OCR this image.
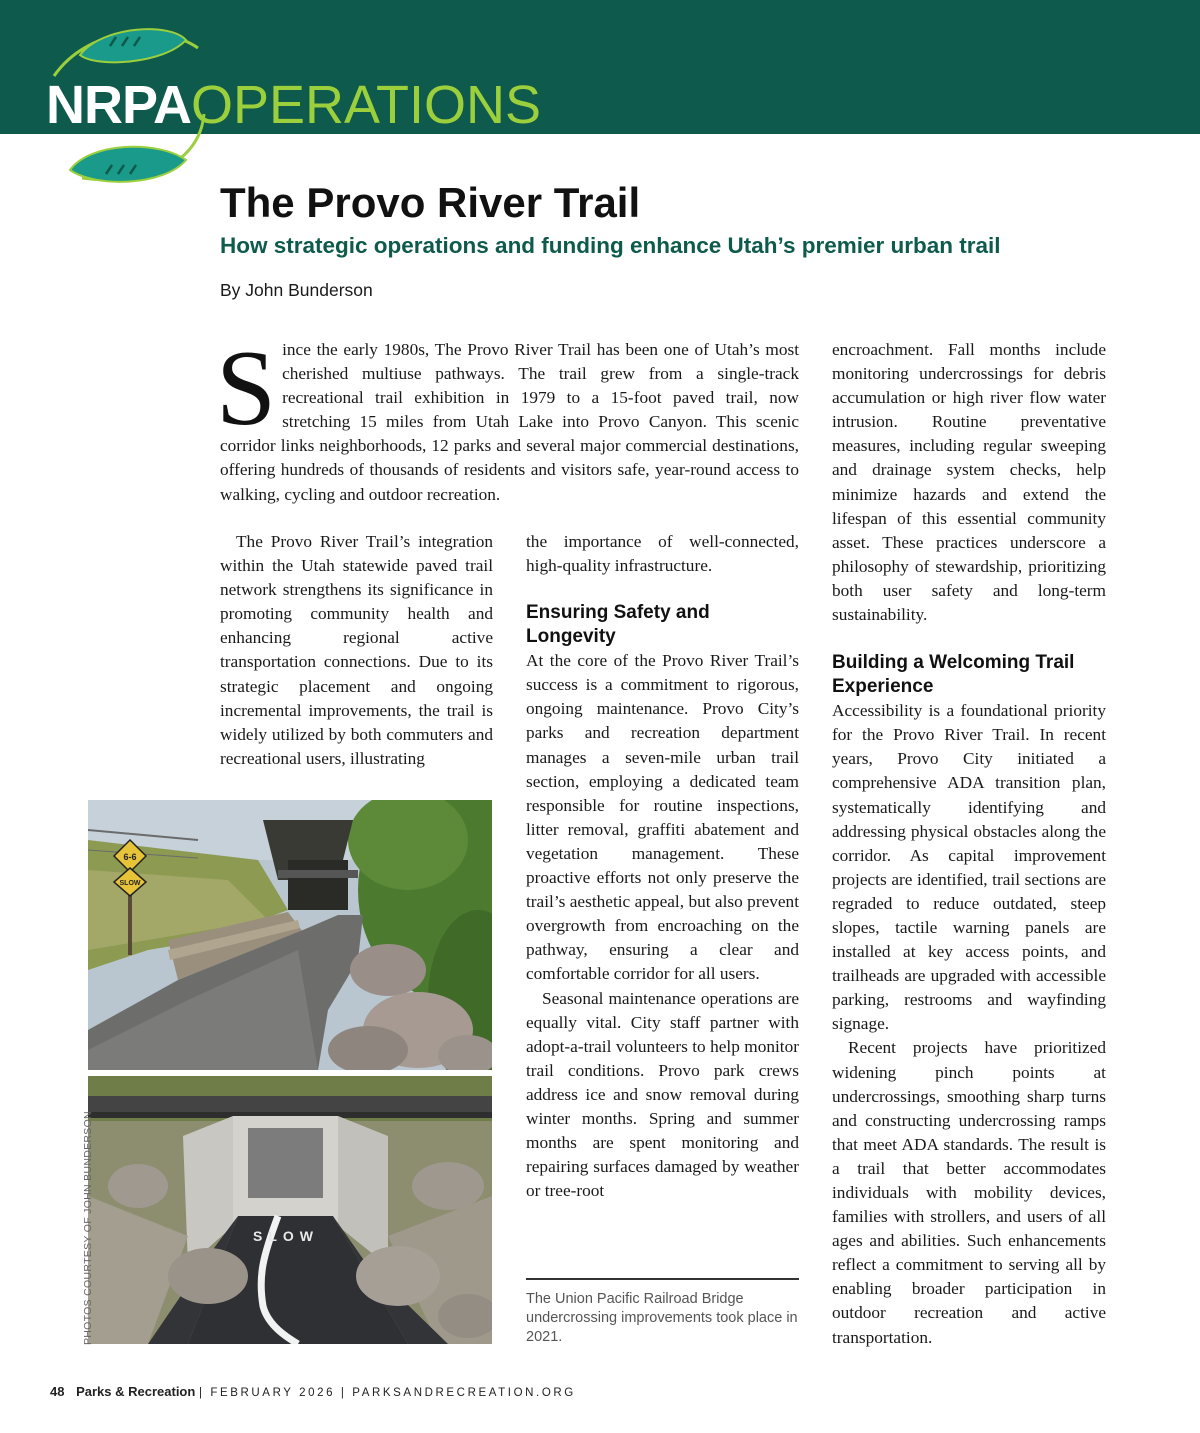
NRPAOPERATIONS
The Provo River Trail
How strategic operations and funding enhance Utah’s premier urban trail
By John Bunderson
S ince the early 1980s, The Provo River Trail has been one of Utah’s most cherished multiuse pathways. The trail grew from a single-track recreational trail exhibition in 1979 to a 15-foot paved trail, now stretching 15 miles from Utah Lake into Provo Canyon. This scenic corridor links neighborhoods, 12 parks and several major commercial destinations, offering hundreds of thousands of residents and visitors safe, year-round access to walking, cycling and outdoor recreation.

The Provo River Trail’s integration within the Utah statewide paved trail network strengthens its significance in promoting community health and enhancing regional active transportation connections. Due to its strategic placement and ongoing incremental improvements, the trail is widely utilized by both commuters and recreational users, illustrating

the importance of well-connected, high-quality infrastructure.

Ensuring Safety and Longevity

At the core of the Provo River Trail’s success is a commitment to rigorous, ongoing maintenance. Provo City’s parks and recreation department manages a seven-mile urban trail section, employing a dedicated team responsible for routine inspections, litter removal, graffiti abatement and vegetation management. These proactive efforts not only preserve the trail’s aesthetic appeal, but also prevent overgrowth from encroaching on the pathway, ensuring a clear and comfortable corridor for all users.

Seasonal maintenance operations are equally vital. City staff partner with adopt-a-trail volunteers to help monitor trail conditions. Provo park crews address ice and snow removal during winter months. Spring and summer months are spent monitoring and repairing surfaces damaged by weather or tree-root

encroachment. Fall months include monitoring undercrossings for debris accumulation or high river flow water intrusion. Routine preventative measures, including regular sweeping and drainage system checks, help minimize hazards and extend the lifespan of this essential community asset. These practices underscore a philosophy of stewardship, prioritizing both user safety and long-term sustainability.

Building a Welcoming Trail Experience

Accessibility is a foundational priority for the Provo River Trail. In recent years, Provo City initiated a comprehensive ADA transition plan, systematically identifying and addressing physical obstacles along the corridor. As capital improvement projects are identified, trail sections are regraded to reduce outdated, steep slopes, tactile warning panels are installed at key access points, and trailheads are upgraded with accessible parking, restrooms and wayfinding signage.

Recent projects have prioritized widening pinch points at undercrossings, smoothing sharp turns and constructing undercrossing ramps that meet ADA standards. The result is a trail that better accommodates individuals with mobility devices, families with strollers, and users of all ages and abilities. Such enhancements reflect a commitment to serving all by enabling broader participation in outdoor recreation and active transportation.

6-6
SLOW
SLOW
PHOTOS COURTESY OF JOHN BUNDERSON	The Union Pacific Railroad Bridge undercrossing improvements took place in 2021.

48 Parks & Recreation | FEBRUARY 2026 | PARKSANDRECREATION.ORG
